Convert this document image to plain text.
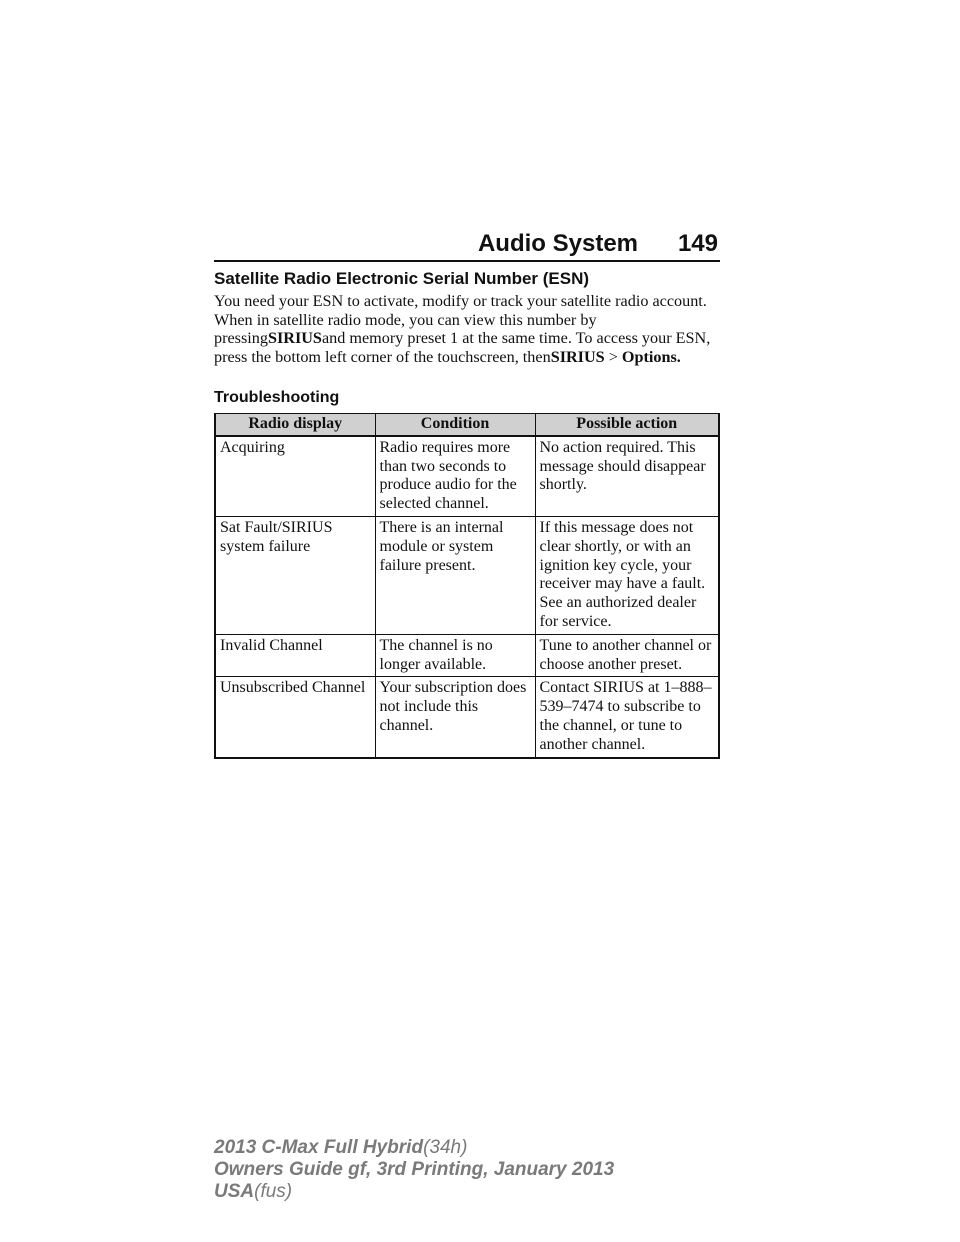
Audio System 149
Satellite Radio Electronic Serial Number (ESN)

You need your ESN to activate, modify or track your satellite radio account. When in satellite radio mode, you can view this number by pressingSIRIUSand memory preset 1 at the same time. To access your ESN, press the bottom left corner of the touchscreen, thenSIRIUS > Options.

Troubleshooting
Radio display	Condition	Possible action
Acquiring	Radio requires more than two seconds to produce audio for the selected channel.	No action required. This message should disappear shortly.
Sat Fault/SIRIUS system failure	There is an internal module or system failure present.	If this message does not clear shortly, or with an ignition key cycle, your receiver may have a fault. See an authorized dealer for service.
Invalid Channel	The channel is no longer available.	Tune to another channel or choose another preset.
Unsubscribed Channel	Your subscription does not include this channel.	Contact SIRIUS at 1–888–539–7474 to subscribe to the channel, or tune to another channel.
2013 C-Max Full Hybrid(34h)
Owners Guide gf, 3rd Printing, January 2013
USA(fus)
